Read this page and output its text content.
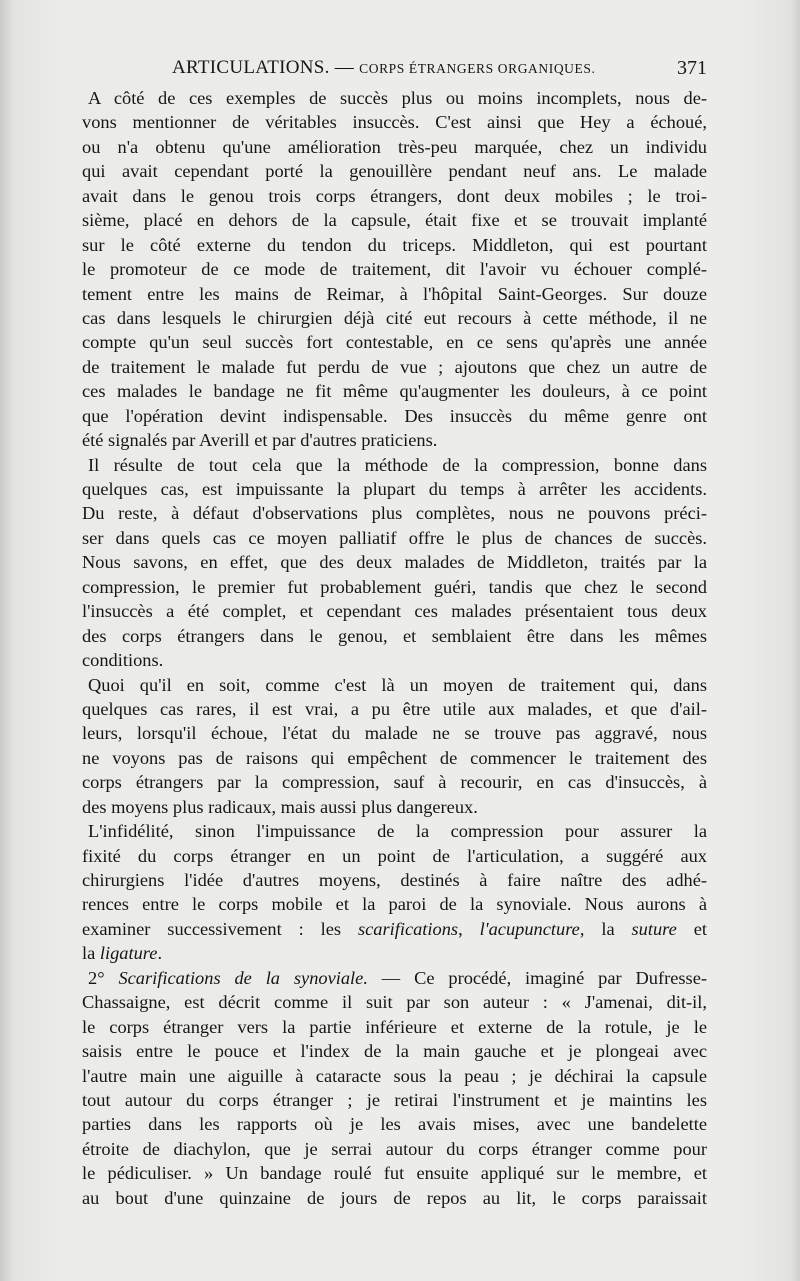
ARTICULATIONS. — CORPS ÉTRANGERS ORGANIQUES.	371
A côté de ces exemples de succès plus ou moins incomplets, nous de-
vons mentionner de véritables insuccès. C'est ainsi que Hey a échoué,
ou n'a obtenu qu'une amélioration très-peu marquée, chez un individu
qui avait cependant porté la genouillère pendant neuf ans. Le malade
avait dans le genou trois corps étrangers, dont deux mobiles ; le troi-
sième, placé en dehors de la capsule, était fixe et se trouvait implanté
sur le côté externe du tendon du triceps. Middleton, qui est pourtant
le promoteur de ce mode de traitement, dit l'avoir vu échouer complé-
tement entre les mains de Reimar, à l'hôpital Saint-Georges. Sur douze
cas dans lesquels le chirurgien déjà cité eut recours à cette méthode, il ne
compte qu'un seul succès fort contestable, en ce sens qu'après une année
de traitement le malade fut perdu de vue ; ajoutons que chez un autre de
ces malades le bandage ne fit même qu'augmenter les douleurs, à ce point
que l'opération devint indispensable. Des insuccès du même genre ont
été signalés par Averill et par d'autres praticiens.
Il résulte de tout cela que la méthode de la compression, bonne dans
quelques cas, est impuissante la plupart du temps à arrêter les accidents.
Du reste, à défaut d'observations plus complètes, nous ne pouvons préci-
ser dans quels cas ce moyen palliatif offre le plus de chances de succès.
Nous savons, en effet, que des deux malades de Middleton, traités par la
compression, le premier fut probablement guéri, tandis que chez le second
l'insuccès a été complet, et cependant ces malades présentaient tous deux
des corps étrangers dans le genou, et semblaient être dans les mêmes
conditions.
Quoi qu'il en soit, comme c'est là un moyen de traitement qui, dans
quelques cas rares, il est vrai, a pu être utile aux malades, et que d'ail-
leurs, lorsqu'il échoue, l'état du malade ne se trouve pas aggravé, nous
ne voyons pas de raisons qui empêchent de commencer le traitement des
corps étrangers par la compression, sauf à recourir, en cas d'insuccès, à
des moyens plus radicaux, mais aussi plus dangereux.
L'infidélité, sinon l'impuissance de la compression pour assurer la
fixité du corps étranger en un point de l'articulation, a suggéré aux
chirurgiens l'idée d'autres moyens, destinés à faire naître des adhé-
rences entre le corps mobile et la paroi de la synoviale. Nous aurons à
examiner successivement : les scarifications, l'acupuncture, la suture et
la ligature.
2° Scarifications de la synoviale. — Ce procédé, imaginé par Dufresse-
Chassaigne, est décrit comme il suit par son auteur : « J'amenai, dit-il,
le corps étranger vers la partie inférieure et externe de la rotule, je le
saisis entre le pouce et l'index de la main gauche et je plongeai avec
l'autre main une aiguille à cataracte sous la peau ; je déchirai la capsule
tout autour du corps étranger ; je retirai l'instrument et je maintins les
parties dans les rapports où je les avais mises, avec une bandelette
étroite de diachylon, que je serrai autour du corps étranger comme pour
le pédiculiser. » Un bandage roulé fut ensuite appliqué sur le membre, et
au bout d'une quinzaine de jours de repos au lit, le corps paraissait
